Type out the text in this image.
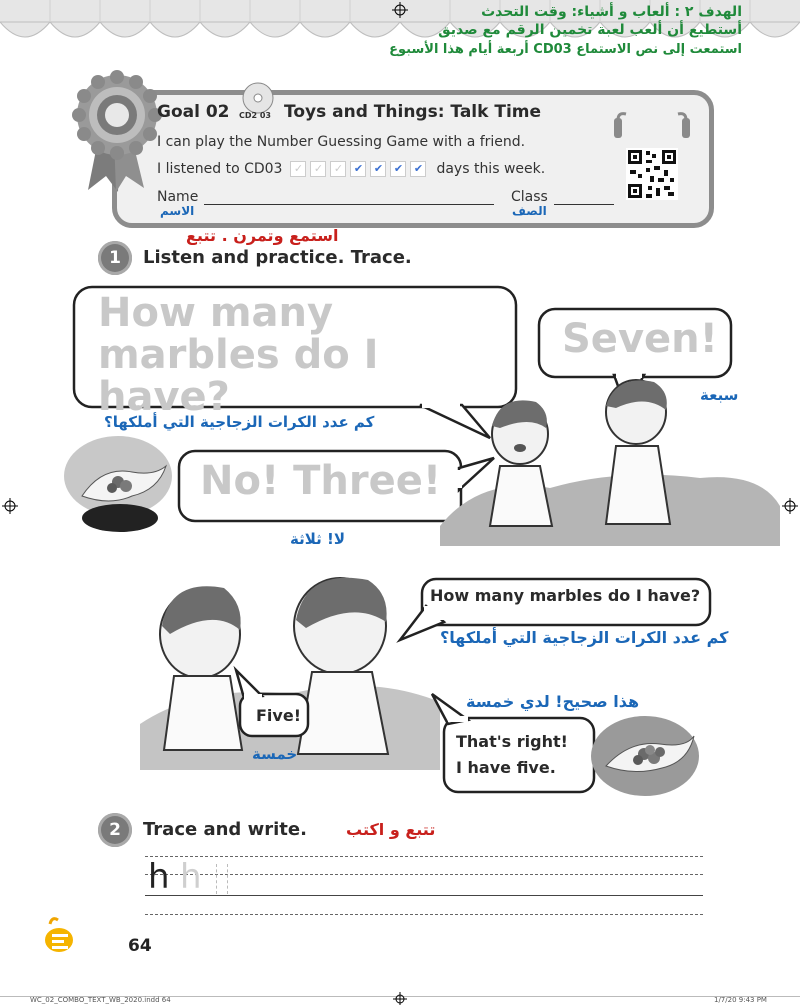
الهدف ٢ : ألعاب و أشياء: وقت التحدث
أستطيع أن ألعب لعبة تخمين الرقم مع صديق
استمعت إلى نص الاستماع CD03 أربعة أيام هذا الأسبوع
Goal 02 CD2 03 Toys and Things: Talk Time
I can play the Number Guessing Game with a friend.
I listened to CD03	✓ ✓ ✓ ✔ ✔ ✔ ✔ days this week.
Name
الاسم
Class
الصف
1	Listen and practice. Trace.
استمع وتمرن . تتبع
How many marbles do I have?
كم عدد الكرات الزجاجية التي أملكها؟
Seven!
سبعة
No! Three!
لا! ثلاثة
How many marbles do I have?
كم عدد الكرات الزجاجية التي أملكها؟
Five!
خمسة
That's right!
I have five.
هذا صحيح! لدي خمسة
2	Trace and write. تتبع و اكتب
h h
64
WC_02_COMBO_TEXT_WB_2020.indd 64	1/7/20 9:43 PM
